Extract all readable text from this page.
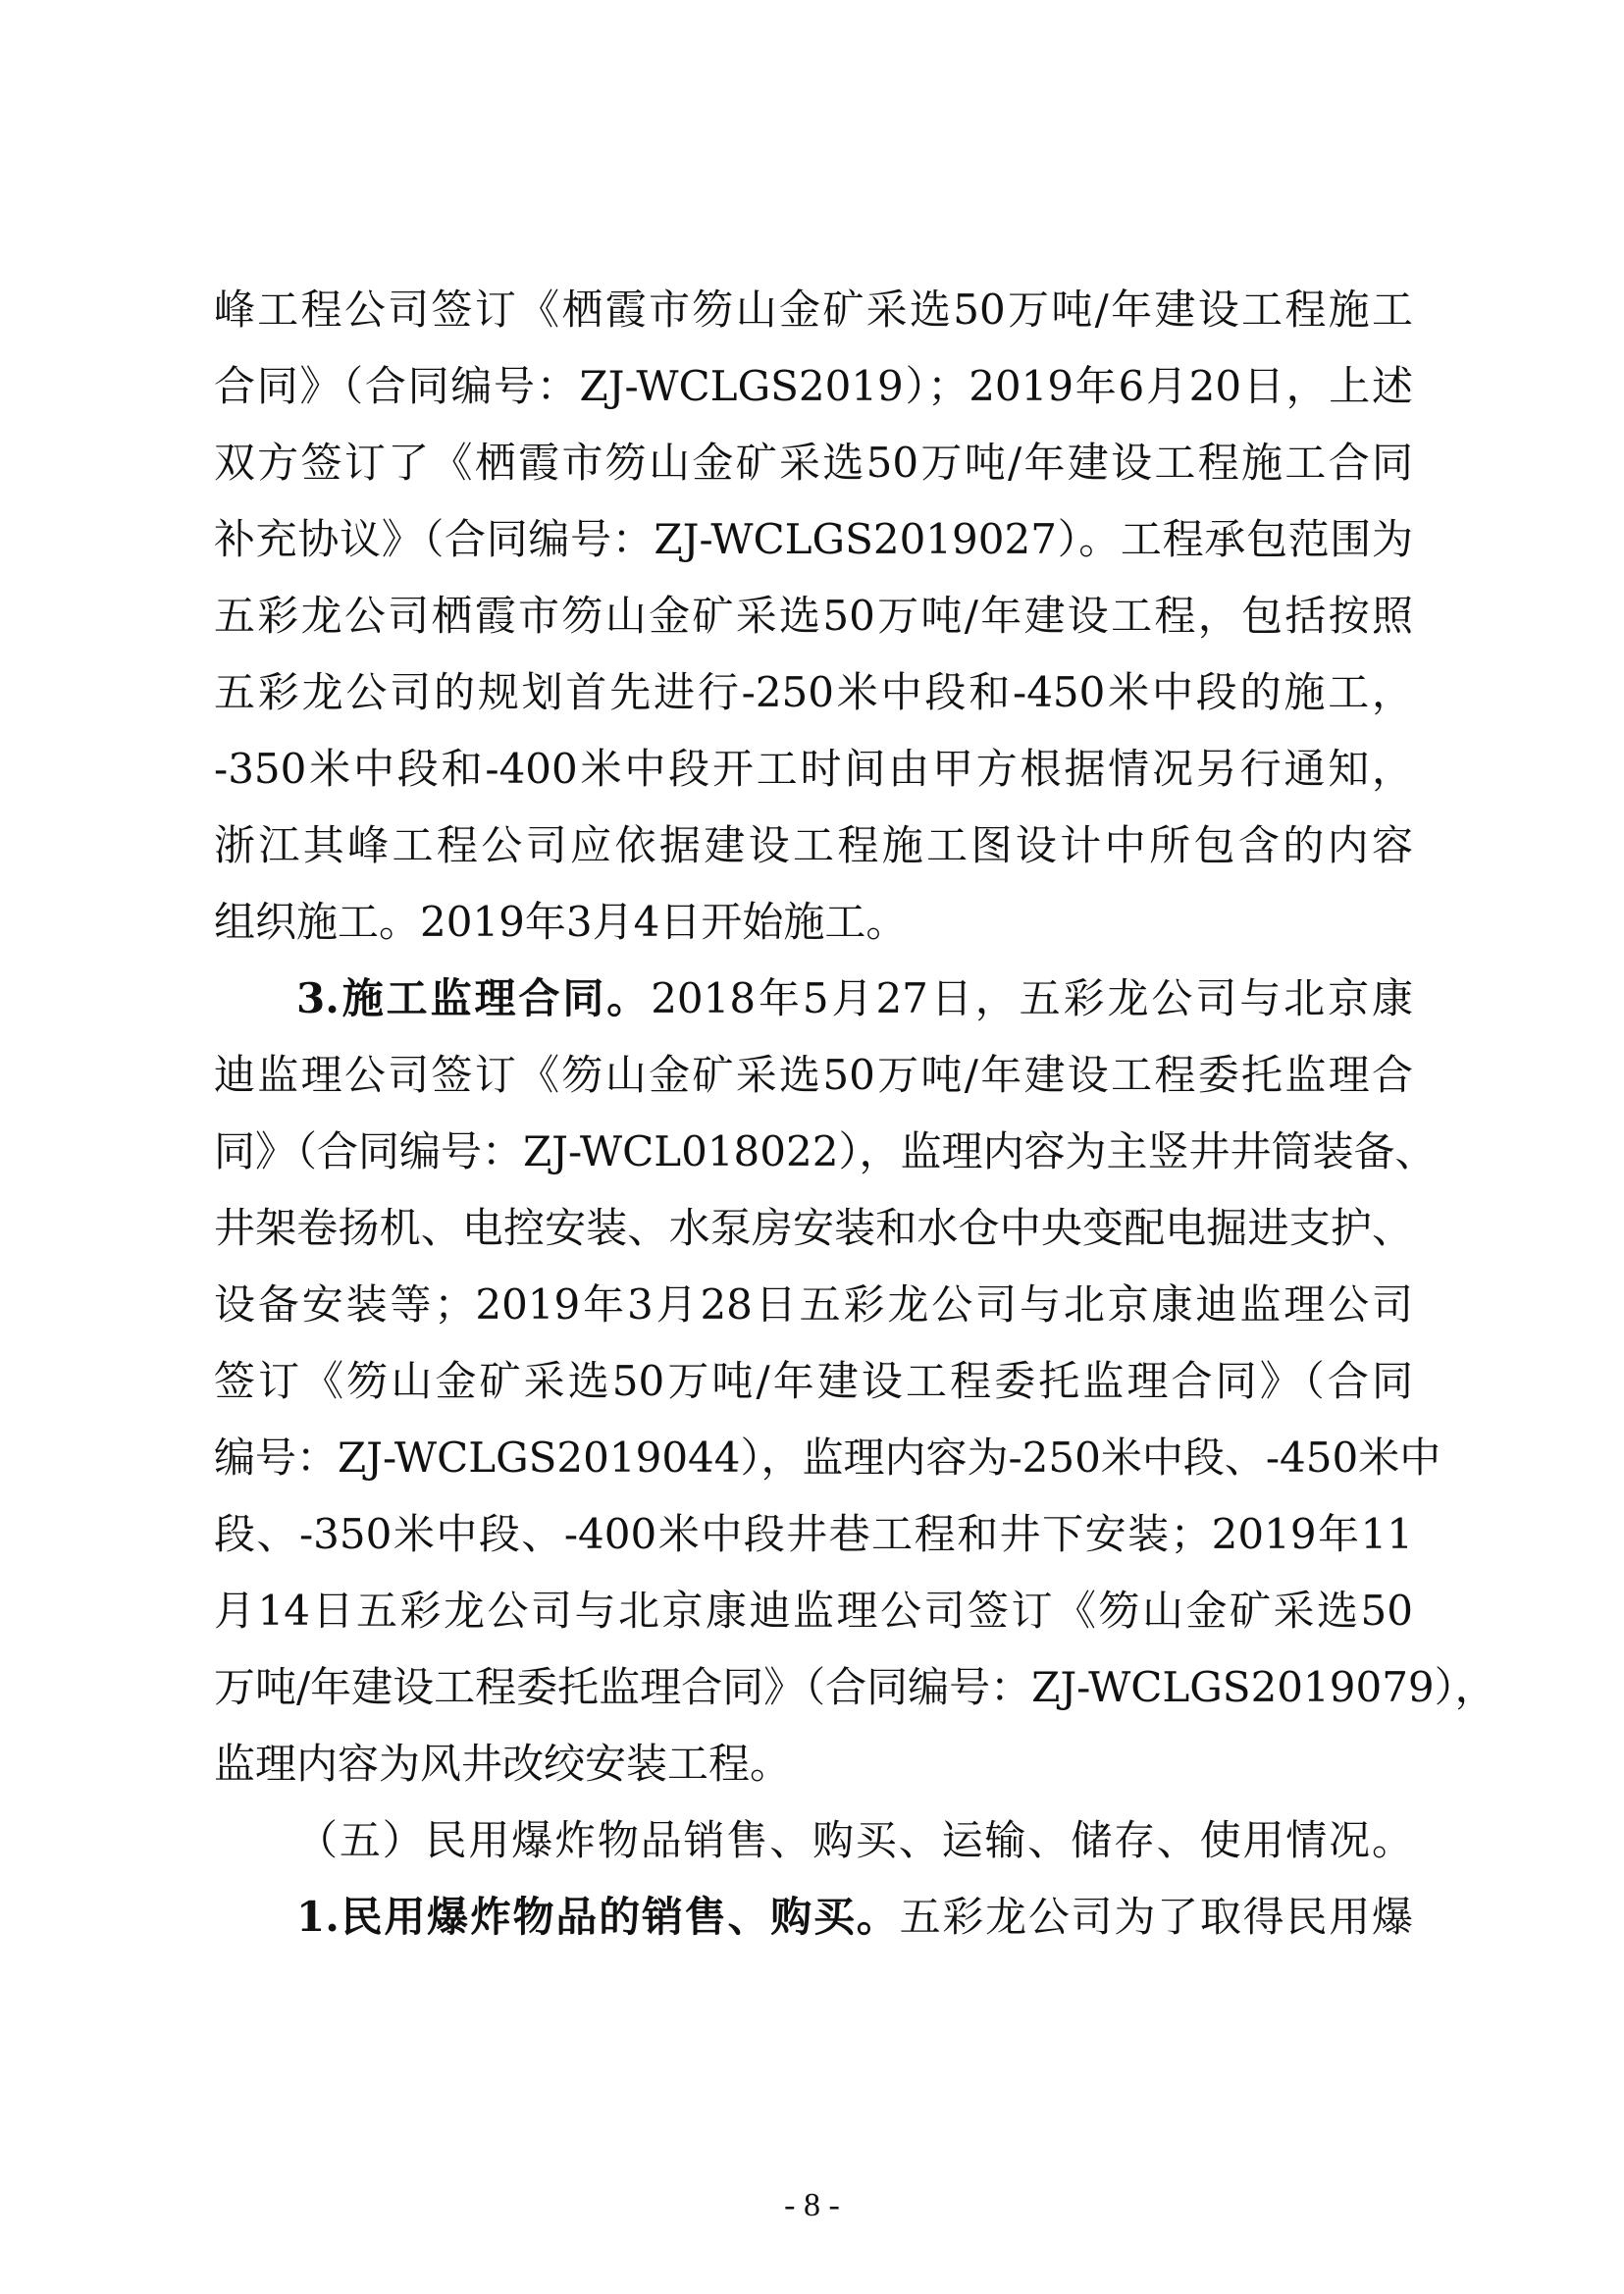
峰工程公司签订《栖霞市笏山金矿采选50万吨/年建设工程施工
合同》（合同编号：ZJ-WCLGS2019）；2019年6月20日，上述
双方签订了《栖霞市笏山金矿采选50万吨/年建设工程施工合同
补充协议》（合同编号：ZJ-WCLGS2019027）。工程承包范围为
五彩龙公司栖霞市笏山金矿采选50万吨/年建设工程，包括按照
五彩龙公司的规划首先进行-250米中段和-450米中段的施工，
-350米中段和-400米中段开工时间由甲方根据情况另行通知，
浙江其峰工程公司应依据建设工程施工图设计中所包含的内容
组织施工。2019年3月4日开始施工。
3.施工监理合同。2018年5月27日，五彩龙公司与北京康
迪监理公司签订《笏山金矿采选50万吨/年建设工程委托监理合
同》（合同编号：ZJ-WCL018022），监理内容为主竖井井筒装备、
井架卷扬机、电控安装、水泵房安装和水仓中央变配电掘进支护、
设备安装等；2019年3月28日五彩龙公司与北京康迪监理公司
签订《笏山金矿采选50万吨/年建设工程委托监理合同》（合同
编号：ZJ-WCLGS2019044），监理内容为-250米中段、-450米中
段、-350米中段、-400米中段井巷工程和井下安装；2019年11
月14日五彩龙公司与北京康迪监理公司签订《笏山金矿采选50
万吨/年建设工程委托监理合同》（合同编号：ZJ-WCLGS2019079），
监理内容为风井改绞安装工程。
（五）民用爆炸物品销售、购买、运输、储存、使用情况。
1.民用爆炸物品的销售、购买。五彩龙公司为了取得民用爆
- 8 -
